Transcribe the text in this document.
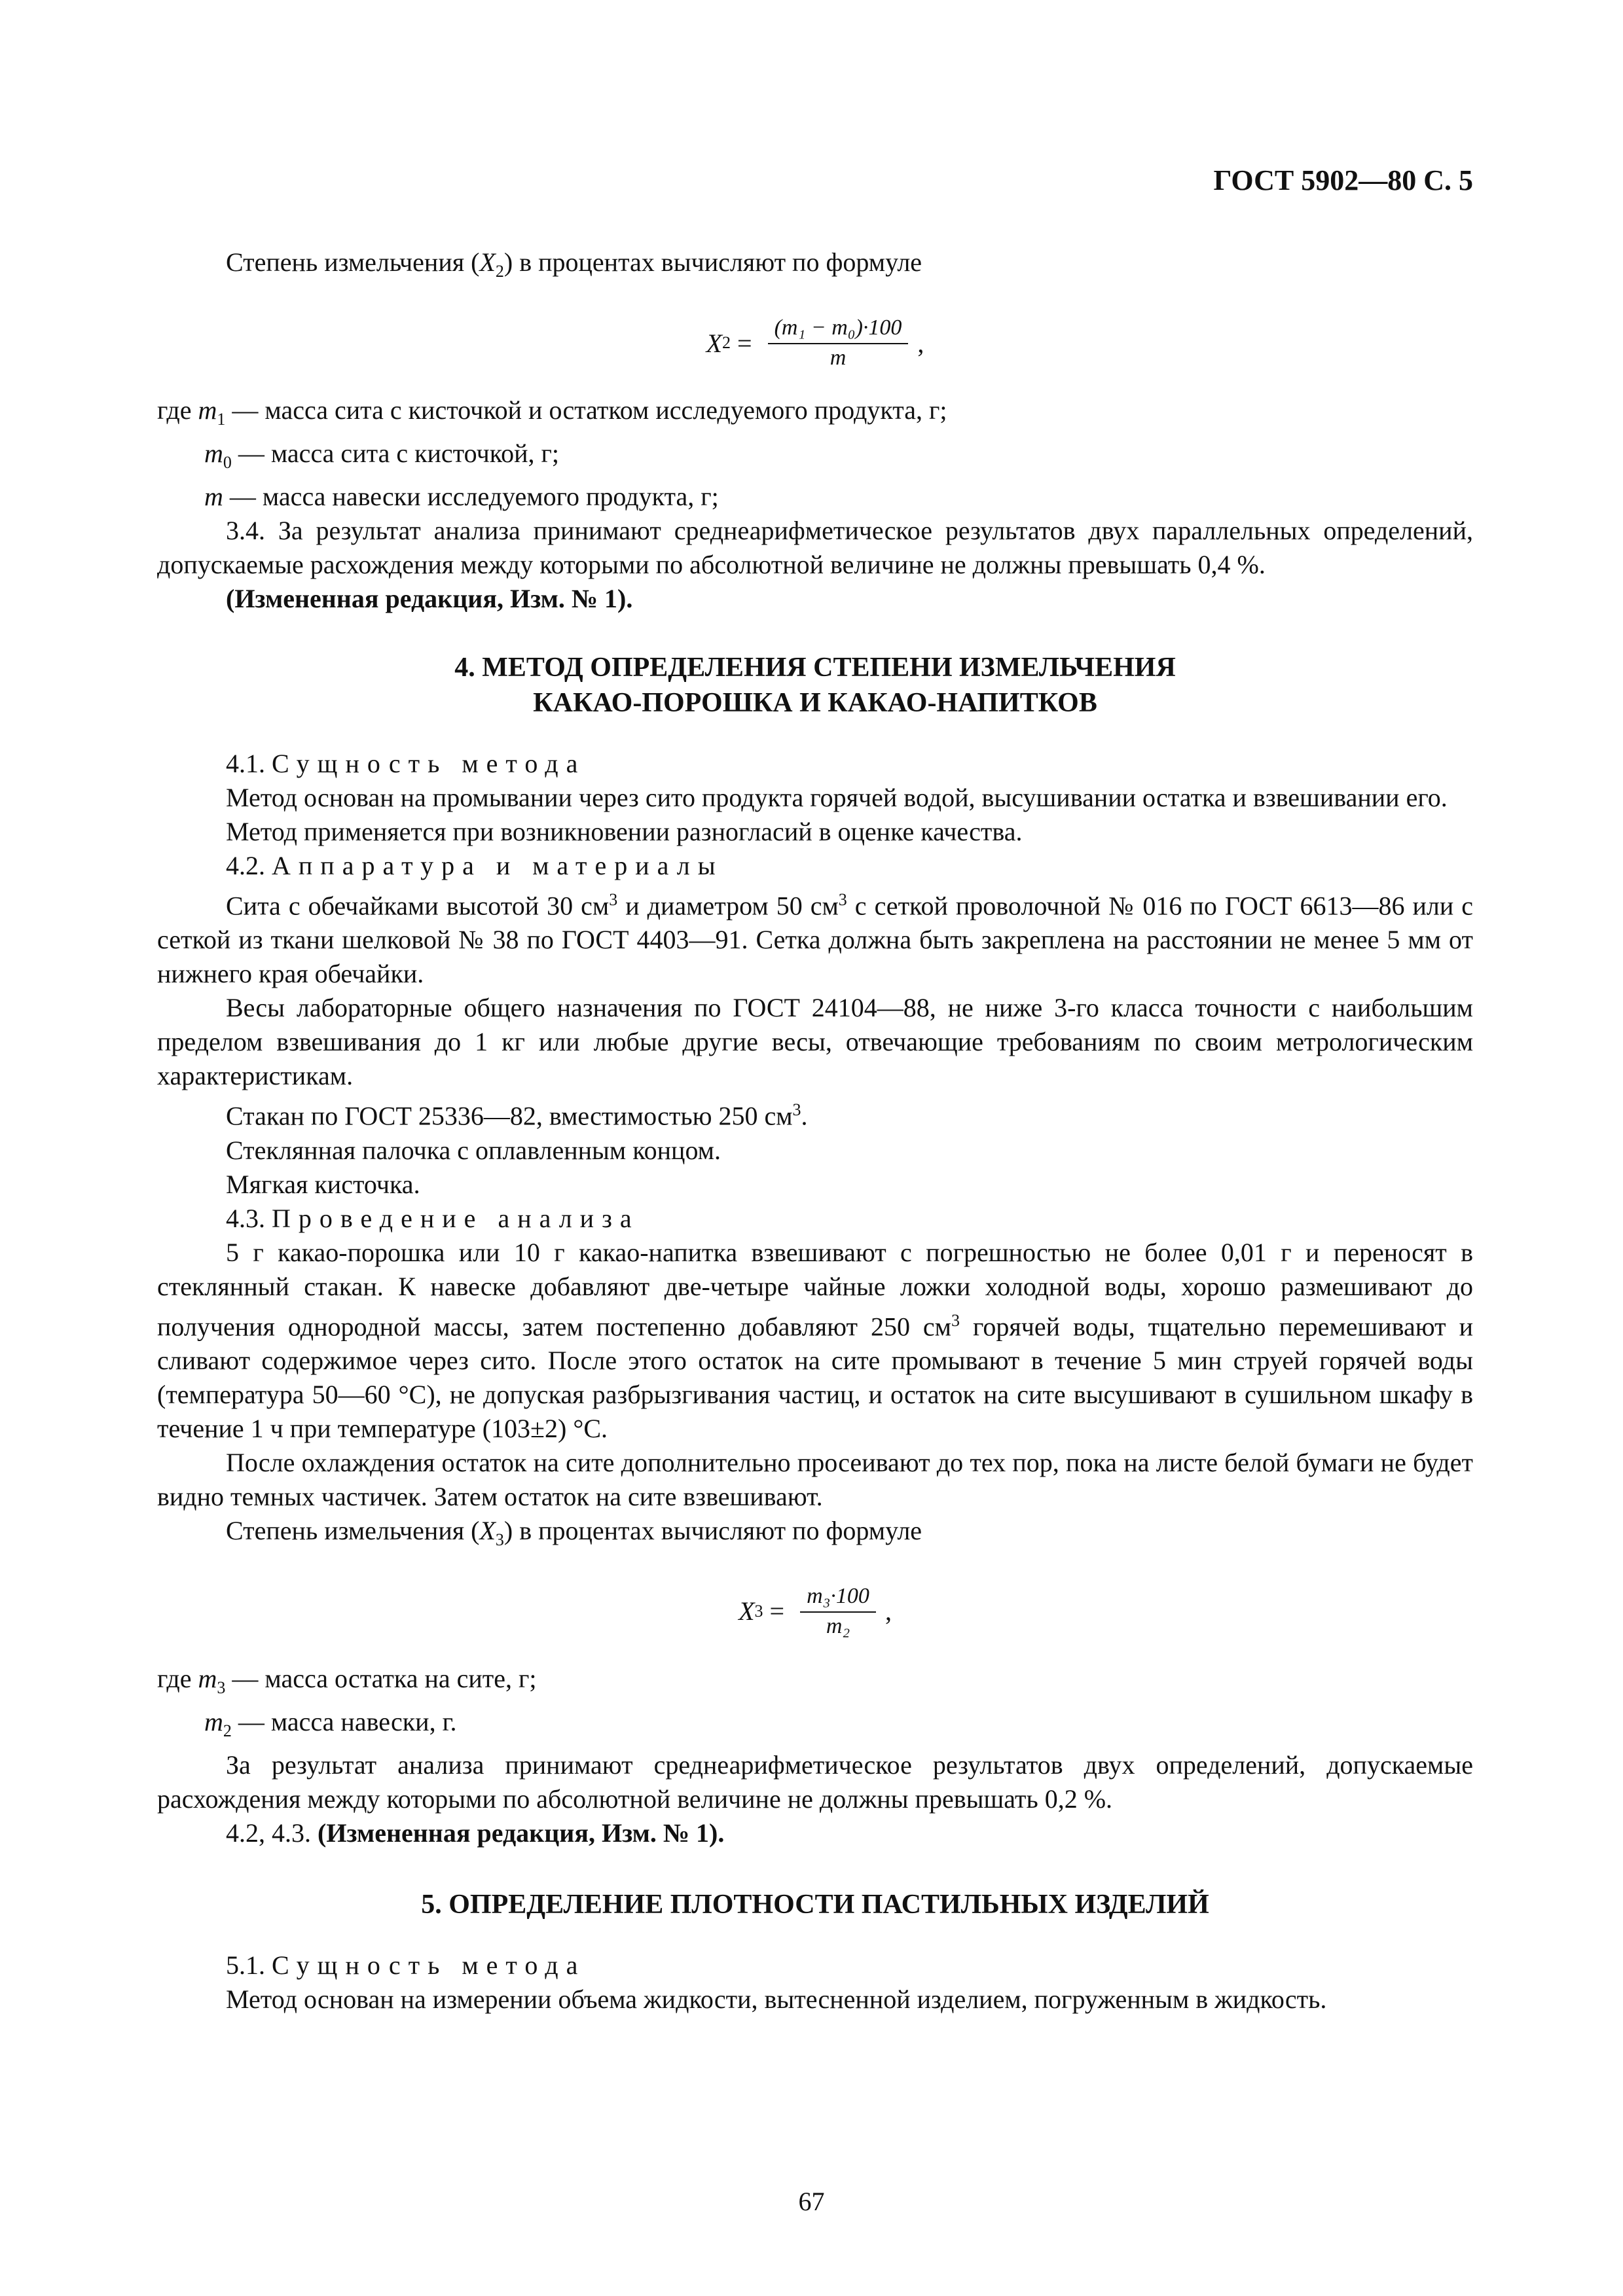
ГОСТ 5902—80 С. 5

Степень измельчения $(X_2)$ в процентах вычисляют по формуле

X $2 = \frac{\text{(m₁ − m₀)·100}}{m}$ ,

где $m_1$ — масса сита с кисточкой и остатком исследуемого продукта, г;

$m_0$ — масса сита с кисточкой, г;

m — масса навески исследуемого продукта, г;

3.4. За результат анализа принимают среднеарифметическое результатов двух параллельных определений, допускаемые расхождения между которыми по абсолютной величине не должны превышать 0,4 %.

(Измененная редакция, Изм. № 1).

4. МЕТОД ОПРЕДЕЛЕНИЯ СТЕПЕНИ ИЗМЕЛЬЧЕНИЯ
КАКАО-ПОРОШКА И КАКАО-НАПИТКОВ

4.1. Сущность метода

Метод основан на промывании через сито продукта горячей водой, высушивании остатка и взвешивании его.

Метод применяется при возникновении разногласий в оценке качества.

4.2. Аппаратура и материалы

Сита с обечайками высотой 30 $см^3$ и диаметром 50 $см^3$ с сеткой проволочной № 016 по ГОСТ 6613—86 или с сеткой из ткани шелковой № 38 по ГОСТ 4403—91. Сетка должна быть закреплена на расстоянии не менее 5 мм от нижнего края обечайки.

Весы лабораторные общего назначения по ГОСТ 24104—88, не ниже 3-го класса точности с наибольшим пределом взвешивания до 1 кг или любые другие весы, отвечающие требованиям по своим метрологическим характеристикам.

Стакан по ГОСТ 25336—82, вместимостью 250 $см^3$.

Стеклянная палочка с оплавленным концом.

Мягкая кисточка.

4.3. Проведение анализа

5 г какао-порошка или 10 г какао-напитка взвешивают с погрешностью не более 0,01 г и переносят в стеклянный стакан. К навеске добавляют две-четыре чайные ложки холодной воды, хорошо размешивают до получения однородной массы, затем постепенно добавляют 250 $см^3$ горячей воды, тщательно перемешивают и сливают содержимое через сито. После этого остаток на сите промывают в течение 5 мин струей горячей воды (температура 50—60 °С), не допуская разбрызгивания частиц, и остаток на сите высушивают в сушильном шкафу в течение 1 ч при температуре (103±2) °С.

После охлаждения остаток на сите дополнительно просеивают до тех пор, пока на листе белой бумаги не будет видно темных частичек. Затем остаток на сите взвешивают.

Степень измельчения $(X_3)$ в процентах вычисляют по формуле

X $3 = \frac{\text{m₃·100}}{\text{m₂}}$ ,

где $m_3$ — масса остатка на сите, г;

$m_2$ — масса навески, г.

За результат анализа принимают среднеарифметическое результатов двух определений, допускаемые расхождения между которыми по абсолютной величине не должны превышать 0,2 %.

4.2, 4.3. (Измененная редакция, Изм. № 1).

5. ОПРЕДЕЛЕНИЕ ПЛОТНОСТИ ПАСТИЛЬНЫХ ИЗДЕЛИЙ

5.1. Сущность метода

Метод основан на измерении объема жидкости, вытесненной изделием, погруженным в жидкость.

67
